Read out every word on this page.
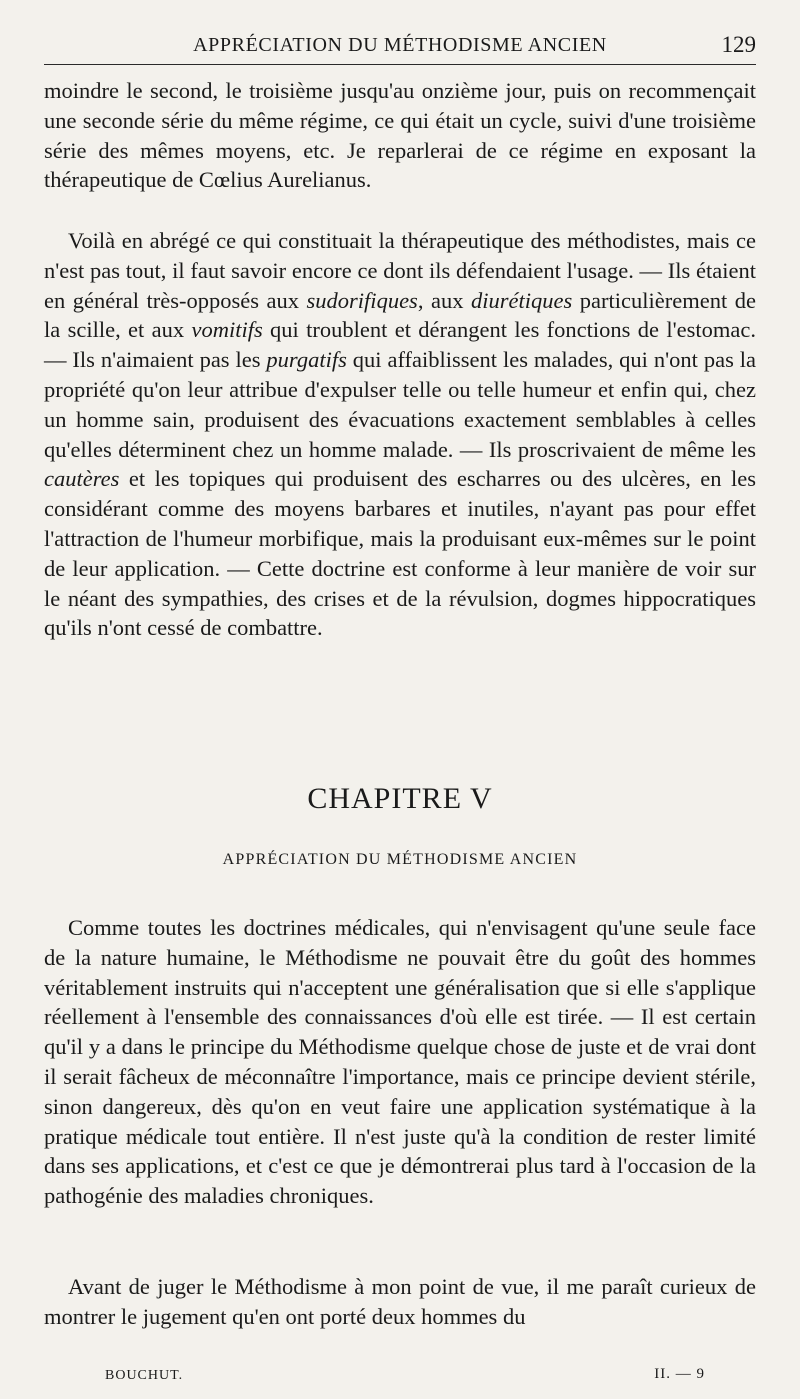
APPRÉCIATION DU MÉTHODISME ANCIEN	129

moindre le second, le troisième jusqu'au onzième jour, puis on recommençait une seconde série du même régime, ce qui était un cycle, suivi d'une troisième série des mêmes moyens, etc. Je reparlerai de ce régime en exposant la thérapeutique de Cœlius Aurelianus.

Voilà en abrégé ce qui constituait la thérapeutique des méthodistes, mais ce n'est pas tout, il faut savoir encore ce dont ils défendaient l'usage. — Ils étaient en général très-opposés aux sudorifiques, aux diurétiques particulièrement de la scille, et aux vomitifs qui troublent et dérangent les fonctions de l'estomac. — Ils n'aimaient pas les purgatifs qui affaiblissent les malades, qui n'ont pas la propriété qu'on leur attribue d'expulser telle ou telle humeur et enfin qui, chez un homme sain, produisent des évacuations exactement semblables à celles qu'elles déterminent chez un homme malade. — Ils proscrivaient de même les cautères et les topiques qui produisent des escharres ou des ulcères, en les considérant comme des moyens barbares et inutiles, n'ayant pas pour effet l'attraction de l'humeur morbifique, mais la produisant eux-mêmes sur le point de leur application. — Cette doctrine est conforme à leur manière de voir sur le néant des sympathies, des crises et de la révulsion, dogmes hippocratiques qu'ils n'ont cessé de combattre.

CHAPITRE V
APPRÉCIATION DU MÉTHODISME ANCIEN

Comme toutes les doctrines médicales, qui n'envisagent qu'une seule face de la nature humaine, le Méthodisme ne pouvait être du goût des hommes véritablement instruits qui n'acceptent une généralisation que si elle s'applique réellement à l'ensemble des connaissances d'où elle est tirée. — Il est certain qu'il y a dans le principe du Méthodisme quelque chose de juste et de vrai dont il serait fâcheux de méconnaître l'importance, mais ce principe devient stérile, sinon dangereux, dès qu'on en veut faire une application systématique à la pratique médicale tout entière. Il n'est juste qu'à la condition de rester limité dans ses applications, et c'est ce que je démontrerai plus tard à l'occasion de la pathogénie des maladies chroniques.

Avant de juger le Méthodisme à mon point de vue, il me paraît curieux de montrer le jugement qu'en ont porté deux hommes du

BOUCHUT.	II. — 9
